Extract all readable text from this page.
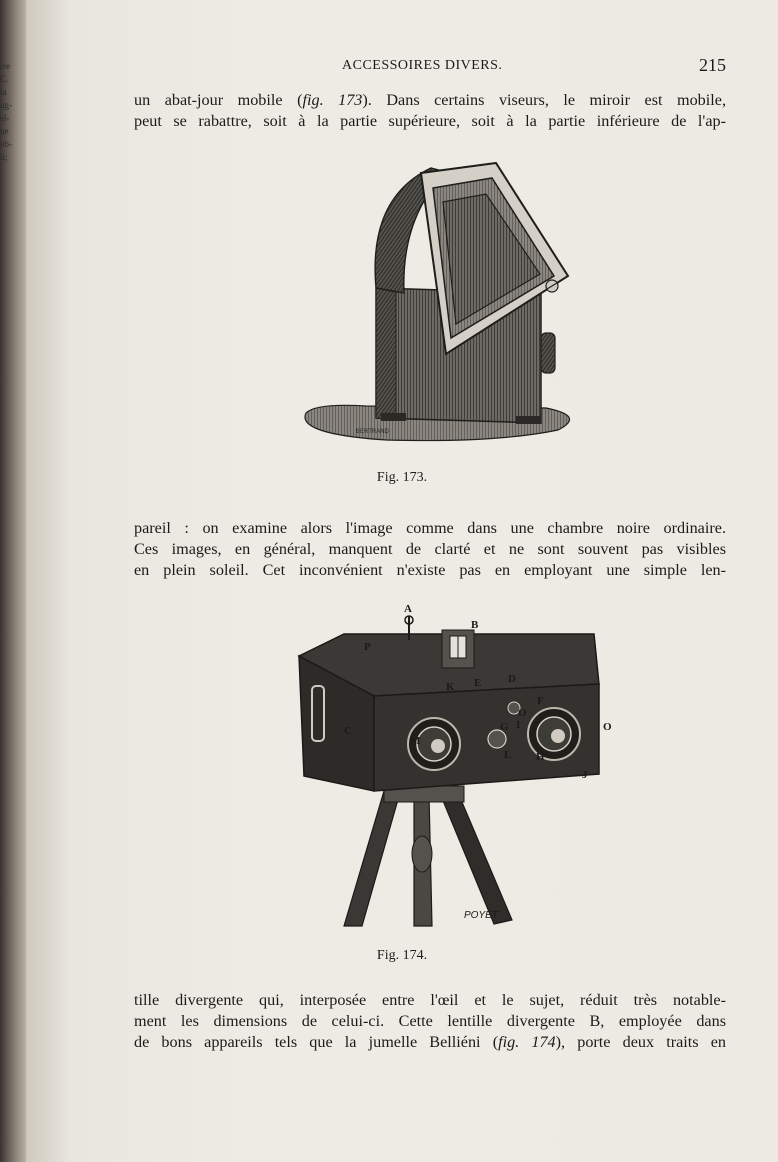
rre
C.
la
ug-
el-
ne
ob-
li;
ACCESSOIRES DIVERS.	215

un abat-jour mobile (fig. 173). Dans certains viseurs, le miroir est mobile,
peut se rabattre, soit à la partie supérieure, soit à la partie inférieure de l'ap-

BERTRAND
Fig. 173.

pareil : on examine alors l'image comme dans une chambre noire ordinaire.
Ces images, en général, manquent de clarté et ne sont souvent pas visibles
en plein soleil. Cet inconvénient n'existe pas en employant une simple len-

A
B
P
K E D
F
C
M
G I
O
O
L H
J
POYET
Fig. 174.

tille divergente qui, interposée entre l'œil et le sujet, réduit très notable-
ment les dimensions de celui-ci. Cette lentille divergente B, employée dans
de bons appareils tels que la jumelle Belliéni (fig. 174), porte deux traits en
